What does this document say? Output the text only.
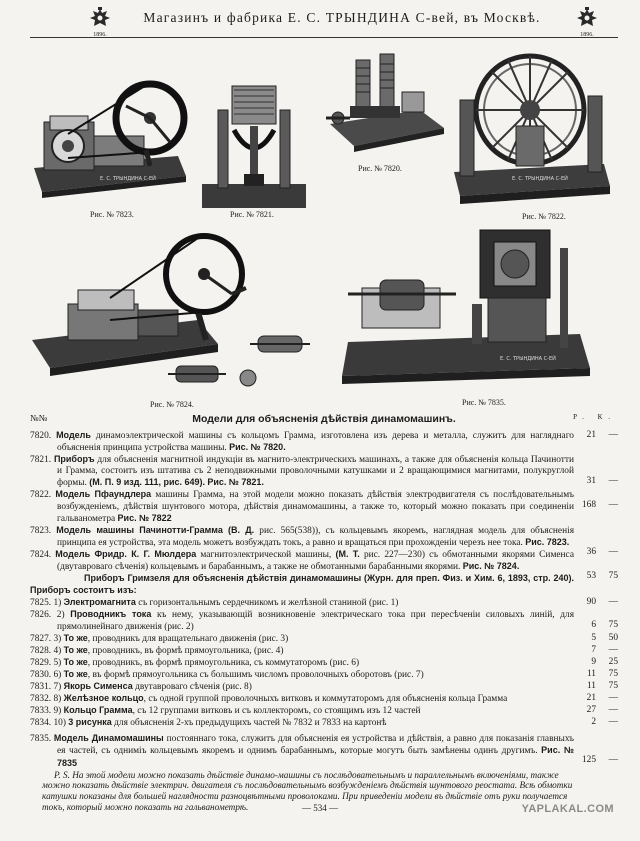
1896.
Магазинъ и фабрика Е. С. ТРЫНДИНА С-вей, въ Москвѣ.
1896.
Е. С. ТРЫНДИНА С-ЕЙ
Рис. № 7823.	Рис. № 7821.
Рис. № 7820.
Е. С. ТРЫНДИНА С-ЕЙ
Рис. № 7822.
Рис. № 7824.
Е. С. ТРЫНДИНА С-ЕЙ
Рис. № 7835.
№№	Модели для объясненія дѣйствія динамомашинъ.	Р. К.
7820. Модель динамоэлектрической машины съ кольцомъ Грамма, изготовлена изъ дерева и металла, служитъ для нагляднаго объясненія принципа устройства машины. Рис. № 7820.
21	—
7821. Приборъ для объясненія магнитной индукціи въ магнито-электрическихъ машинахъ, а также для объясненія кольца Пачинотти и Грамма, состоитъ изъ штатива съ 2 неподвижными проволочными катушками и 2 вращающимися магнитами, полукруглой формы. (М. П. 9 изд. 111, рис. 649). Рис. № 7821.	31	—
7822. Модель Пфаундлера машины Грамма, на этой модели можно показать дѣйствія электродвигателя съ послѣдовательнымъ возбужденіемъ, дѣйствія шунтового мотора, дѣйствія динамомашины, а также то, который можно показать при соединеніи гальванометра Рис. № 7822
168	—
7823. Модель машины Пачинотти-Грамма (В. Д. рис. 565(538)), съ кольцевымъ якоремъ, наглядная модель для объясненія принципа ея устройства, эта модель можетъ возбуждать токъ, а равно и вращаться при прохожденіи черезъ нее тока. Рис. 7823.
36	—
7824. Модель Фридр. К. Г. Мюлдера магнитоэлектрической машины, (М. Т. рис. 227—230) съ обмотанными якорями Сименса (двутавроваго сѣченія) кольцевымъ и барабаннымъ, а также не обмотанными барабанными якорями. Рис. № 7824.
53	75
Приборъ Гримзеля для объясненія дѣйствія динамомашины (Журн. для преп. Физ. и Хим. 6, 1893, стр. 240). Приборъ состоитъ изъ:
7825. 1) Электромагнита съ горизонтальнымъ сердечникомъ и желѣзной станиной (рис. 1)	90	—
7826. 2) Проводникъ тока къ нему, указывающій возникновеніе электрическаго тока при пересѣченіи силовыхъ линій, для прямолинейнаго движенія (рис. 2)	6	75
7827. 3) То же, проводникъ для вращательнаго движенія (рис. 3)	5	50
7828. 4) То же, проводникъ, въ формѣ прямоугольника, (рис. 4)	7	—
7829. 5) То же, проводникъ, въ формѣ прямоугольника, съ коммутаторомъ (рис. 6)	9	25
7830. 6) То же, въ формѣ прямоугольника съ большимъ числомъ проволочныхъ оборотовъ (рис. 7)	11	75
7831. 7) Якорь Сименса двутавроваго сѣченія (рис. 8)	11	75
7832. 8) Желѣзное кольцо, съ одной группой проволочныхъ витковъ и коммутаторомъ для объясненія кольца Грамма	21	—
7833. 9) Кольцо Грамма, съ 12 группами витковъ и съ коллекторомъ, со стоящимъ изъ 12 частей	27	—
7834. 10) 3 рисунка для объясненія 2-хъ предыдущихъ частей № 7832 и 7833 на картонѣ	2	—
7835. Модель Динамомашины постояннаго тока, служитъ для объясненія ея устройства и дѣйствія, а равно для показанія главныхъ ея частей, съ одниміъ кольцевымъ якоремъ и однимъ барабаннымъ, которые могутъ быть замѣнены одинъ другимъ. Рис. № 7835	125	—
P. S. На этой модели можно показать дѣйствіе динамо-машины съ послѣдовательнымъ и параллельнымъ включеніями, также можно показать дѣйствіе электрич. двигателя съ послѣдовательнымъ возбужденіемъ дѣйствія шунтового реостата. Всѣ обмотки катушки показаны для большей наглядности разноцвѣтными проволоками. При приведеніи модели въ дѣйствіе отъ руки получается токъ, который можно показать на гальванометрѣ.	— 534 —	YAPLAKAL.COM
